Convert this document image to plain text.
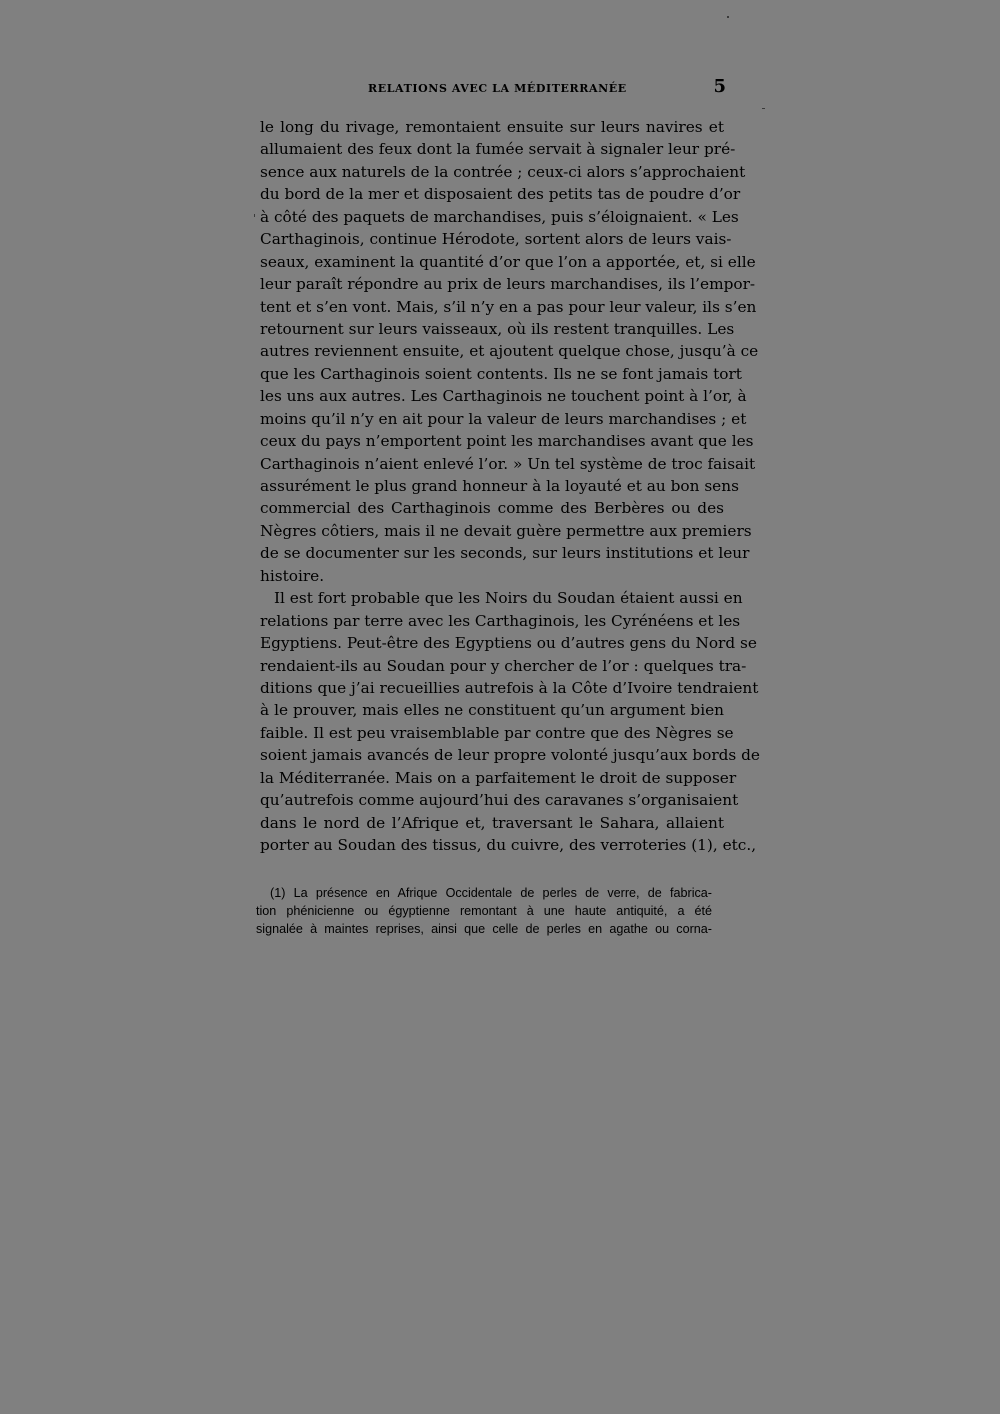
RELATIONS AVEC LA MÉDITERRANÉE	5
le long du rivage, remontaient ensuite sur leurs navires et
allumaient des feux dont la fumée servait à signaler leur pré-
sence aux naturels de la contrée ; ceux-ci alors s’approchaient
du bord de la mer et disposaient des petits tas de poudre d’or
à côté des paquets de marchandises, puis s’éloignaient. « Les
Carthaginois, continue Hérodote, sortent alors de leurs vais-
seaux, examinent la quantité d’or que l’on a apportée, et, si elle
leur paraît répondre au prix de leurs marchandises, ils l’empor-
tent et s’en vont. Mais, s’il n’y en a pas pour leur valeur, ils s’en
retournent sur leurs vaisseaux, où ils restent tranquilles. Les
autres reviennent ensuite, et ajoutent quelque chose, jusqu’à ce
que les Carthaginois soient contents. Ils ne se font jamais tort
les uns aux autres. Les Carthaginois ne touchent point à l’or, à
moins qu’il n’y en ait pour la valeur de leurs marchandises ; et
ceux du pays n’emportent point les marchandises avant que les
Carthaginois n’aient enlevé l’or. » Un tel système de troc faisait
assurément le plus grand honneur à la loyauté et au bon sens
commercial des Carthaginois comme des Berbères ou des
Nègres côtiers, mais il ne devait guère permettre aux premiers
de se documenter sur les seconds, sur leurs institutions et leur
histoire.
Il est fort probable que les Noirs du Soudan étaient aussi en
relations par terre avec les Carthaginois, les Cyrénéens et les
Egyptiens. Peut-être des Egyptiens ou d’autres gens du Nord se
rendaient-ils au Soudan pour y chercher de l’or : quelques tra-
ditions que j’ai recueillies autrefois à la Côte d’Ivoire tendraient
à le prouver, mais elles ne constituent qu’un argument bien
faible. Il est peu vraisemblable par contre que des Nègres se
soient jamais avancés de leur propre volonté jusqu’aux bords de
la Méditerranée. Mais on a parfaitement le droit de supposer
qu’autrefois comme aujourd’hui des caravanes s’organisaient
dans le nord de l’Afrique et, traversant le Sahara, allaient
porter au Soudan des tissus, du cuivre, des verroteries (1), etc.,
(1) La présence en Afrique Occidentale de perles de verre, de fabrica-
tion phénicienne ou égyptienne remontant à une haute antiquité, a été
signalée à maintes reprises, ainsi que celle de perles en agathe ou corna-
